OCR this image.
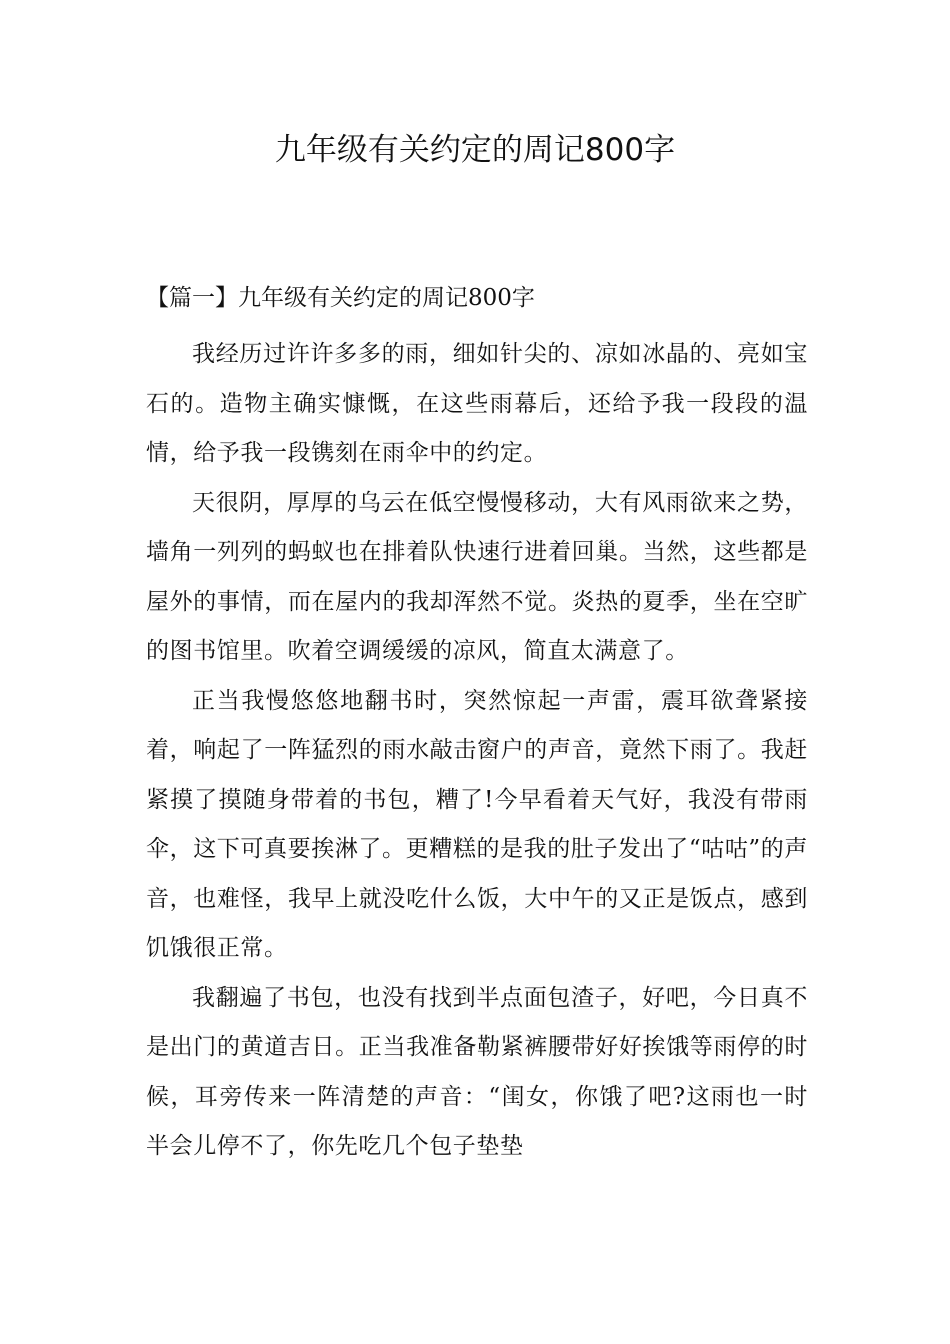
九年级有关约定的周记800字

【篇一】九年级有关约定的周记800字

我经历过许许多多的雨，细如针尖的、凉如冰晶的、亮如宝石的。造物主确实慷慨，在这些雨幕后，还给予我一段段的温情，给予我一段镌刻在雨伞中的约定。

天很阴，厚厚的乌云在低空慢慢移动，大有风雨欲来之势，墙角一列列的蚂蚁也在排着队快速行进着回巢。当然，这些都是屋外的事情，而在屋内的我却浑然不觉。炎热的夏季，坐在空旷的图书馆里。吹着空调缓缓的凉风，简直太满意了。

正当我慢悠悠地翻书时，突然惊起一声雷，震耳欲聋紧接着，响起了一阵猛烈的雨水敲击窗户的声音，竟然下雨了。我赶紧摸了摸随身带着的书包，糟了!今早看着天气好，我没有带雨伞，这下可真要挨淋了。更糟糕的是我的肚子发出了“咕咕”的声音，也难怪，我早上就没吃什么饭，大中午的又正是饭点，感到饥饿很正常。

我翻遍了书包，也没有找到半点面包渣子，好吧，今日真不是出门的黄道吉日。正当我准备勒紧裤腰带好好挨饿等雨停的时候，耳旁传来一阵清楚的声音：“闺女，你饿了吧?这雨也一时半会儿停不了，你先吃几个包子垫垫
